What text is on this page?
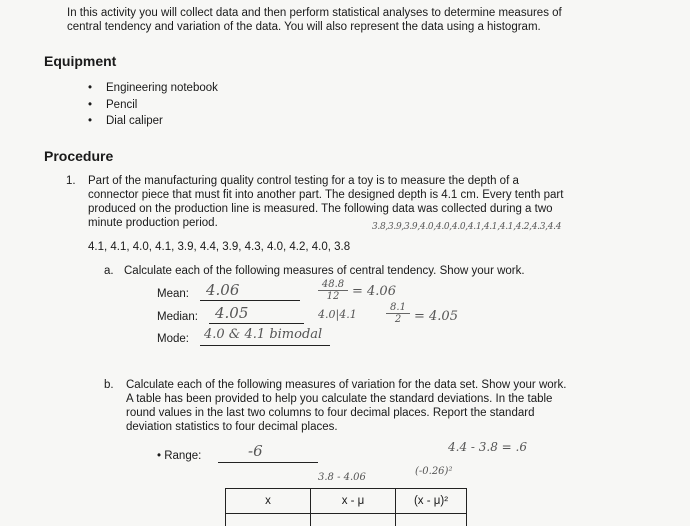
In this activity you will collect data and then perform statistical analyses to determine measures of
central tendency and variation of the data. You will also represent the data using a histogram.
Equipment
• Engineering notebook
• Pencil
• Dial caliper
Procedure
1. Part of the manufacturing quality control testing for a toy is to measure the depth of a
connector piece that must fit into another part. The designed depth is 4.1 cm. Every tenth part
produced on the production line is measured. The following data was collected during a two
minute production period.
4.1, 4.1, 4.0, 4.1, 3.9, 4.4, 3.9, 4.3, 4.0, 4.2, 4.0, 3.8
3.8,3.9,3.9,4.0,4.0,4.0,4.1,4.1,4.1,4.2,4.3,4.4
a. Calculate each of the following measures of central tendency. Show your work.
Mean: 4.06	$\frac{48.8}{12} = 4.06$
Median: 4.05	4.0|4.1	$\frac{8.1}{2} = 4.05$
Mode: 4.0 & 4.1 bimodal
b. Calculate each of the following measures of variation for the data set. Show your work.
A table has been provided to help you calculate the standard deviations. In the table
round values in the last two columns to four decimal places. Report the standard
deviation statistics to four decimal places.
• Range:	-6	4.4 - 3.8 = .6
3.8 - 4.06
(-0.26)²
x	x - μ	(x - μ)²
